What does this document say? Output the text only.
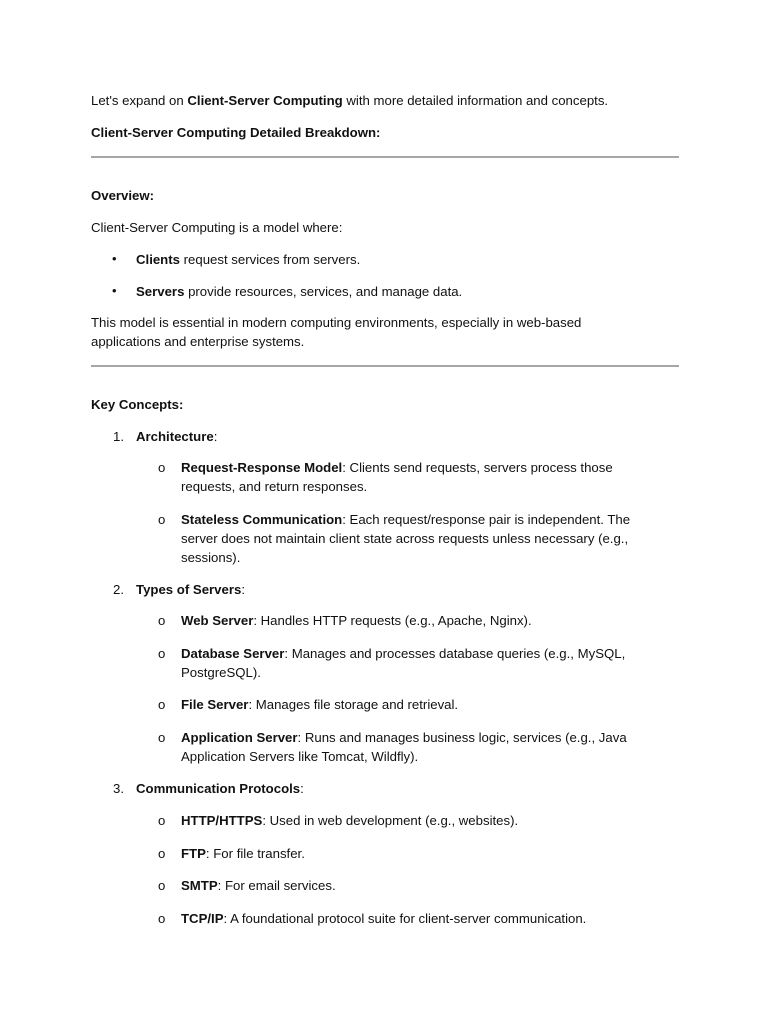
Let's expand on Client-Server Computing with more detailed information and concepts.
Client-Server Computing Detailed Breakdown:
Overview:
Client-Server Computing is a model where:
• Clients request services from servers.
• Servers provide resources, services, and manage data.
This model is essential in modern computing environments, especially in web-based applications and enterprise systems.
Key Concepts:
1. Architecture:
o Request-Response Model: Clients send requests, servers process those requests, and return responses.
o Stateless Communication: Each request/response pair is independent. The server does not maintain client state across requests unless necessary (e.g., sessions).
2. Types of Servers:
o Web Server: Handles HTTP requests (e.g., Apache, Nginx).
o Database Server: Manages and processes database queries (e.g., MySQL, PostgreSQL).
o File Server: Manages file storage and retrieval.
o Application Server: Runs and manages business logic, services (e.g., Java Application Servers like Tomcat, Wildfly).
3. Communication Protocols:
o HTTP/HTTPS: Used in web development (e.g., websites).
o FTP: For file transfer.
o SMTP: For email services.
o TCP/IP: A foundational protocol suite for client-server communication.
